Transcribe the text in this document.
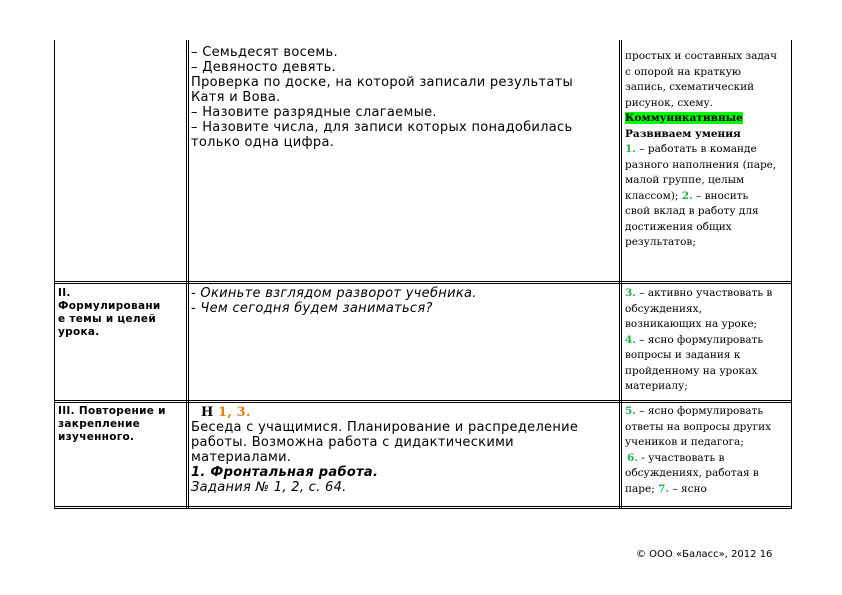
– Семьдесят восемь.
– Девяносто девять.
Проверка по доске, на которой записали результаты
Катя и Вова.
– Назовите разрядные слагаемые.
– Назовите числа, для записи которых понадобилась
только одна цифра.
простых и составных задач
с опорой на краткую
запись, схематический
рисунок, схему.
Коммуникативные
Развиваем умения
1. – работать в команде
разного наполнения (паре,
малой группе, целым
классом); 2. – вносить
свой вклад в работу для
достижения общих
результатов;
II.
Формулировани
е темы и целей
урока.
- Окиньте взглядом разворот учебника.
- Чем сегодня будем заниматься?
3. – активно участвовать в
обсуждениях,
возникающих на уроке;
4. – ясно формулировать
вопросы и задания к
пройденному на уроках
материалу;
III. Повторение и
закрепление
изученного.
Н 1, 3.
Беседа с учащимися. Планирование и распределение
работы. Возможна работа с дидактическими
материалами.
1. Фронтальная работа.
Задания № 1, 2, с. 64.
5. – ясно формулировать
ответы на вопросы других
учеников и педагога;
6. - участвовать в
обсуждениях, работая в
паре; 7. – ясно
© ООО «Баласс», 2012 16
